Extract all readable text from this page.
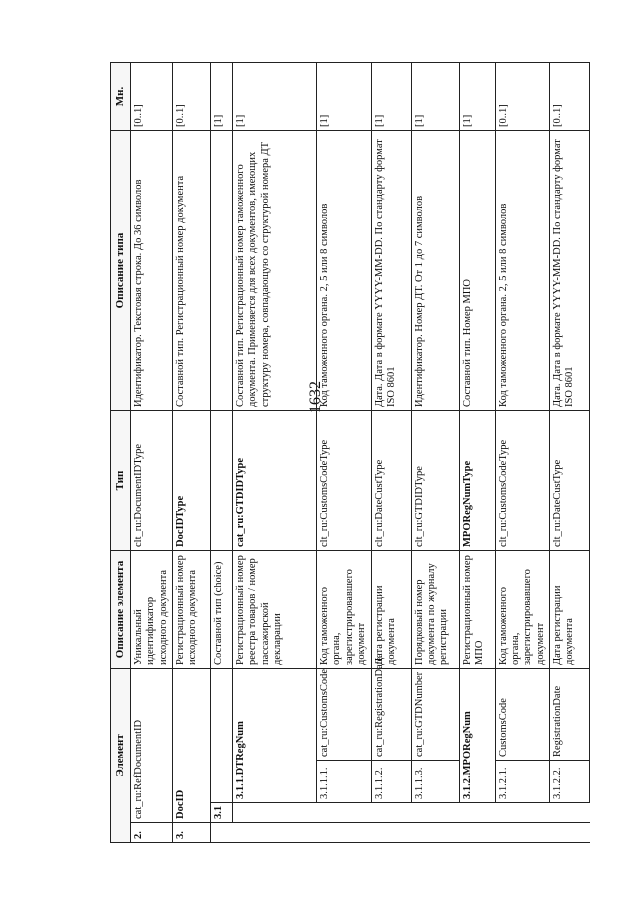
1632
Элемент				Описание элемента	Тип	Описание типа	Мн.
2.	cat_ru:RefDocumentID			Уникальный идентификатор исходного документа	clt_ru:DocumentIDType	Идентификатор. Текстовая строка. До 36 символов	[0..1]
3.	DocID			Регистрационный номер исходного документа	DocIDType	Составной тип. Регистрационный номер документа	[0..1]
	3.1			Составной тип (choice)			[1]
		3.1.1.DTRegNum		Регистрационный номер реестра товаров / номер пассажирской декларации	cat_ru:GTDIDType	Составной тип. Регистрационный номер таможенного документа. Применяется для всех документов, имеющих структуру номера, совпадающую со структурой номера ДТ	[1]
		3.1.1.1.	cat_ru:CustomsCode	Код таможенного органа, зарегистрировавшего документ	clt_ru:CustomsCodeType	Код таможенного органа. 2, 5 или 8 символов	[1]
		3.1.1.2.	cat_ru:RegistrationDate	Дата регистрации документа	clt_ru:DateCustType	Дата. Дата в формате YYYY-MM-DD. По стандарту формат ISO 8601	[1]
		3.1.1.3.	cat_ru:GTDNumber	Порядковый номер документа по журналу регистрации	clt_ru:GTDIDType	Идентификатор. Номер ДТ. От 1 до 7 символов	[1]
		3.1.2.MPORegNum		Регистрационный номер МПО	MPORegNumType	Составной тип. Номер МПО	[1]
		3.1.2.1.	CustomsCode	Код таможенного органа, зарегистрировавшего документ	clt_ru:CustomsCodeType	Код таможенного органа. 2, 5 или 8 символов	[0..1]
		3.1.2.2.	RegistrationDate	Дата регистрации документа	clt_ru:DateCustType	Дата. Дата в формате YYYY-MM-DD. По стандарту формат ISO 8601	[0..1]
